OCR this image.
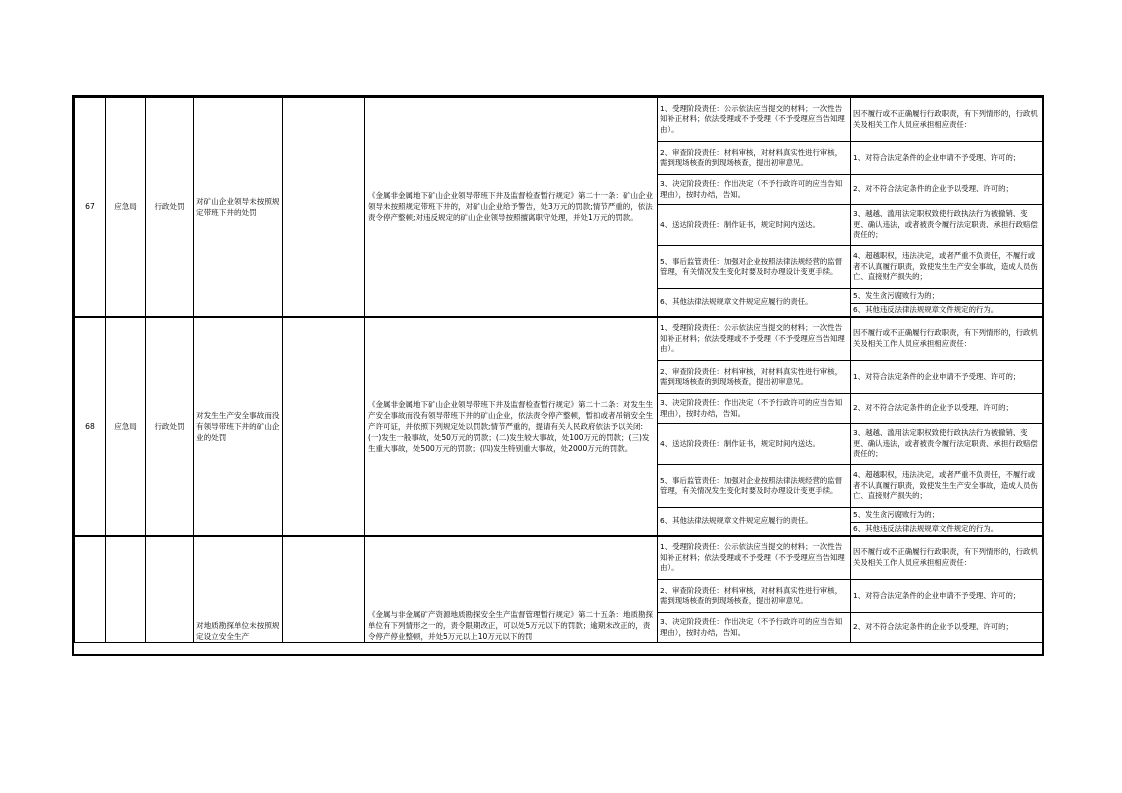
67	应急局	行政处罚	对矿山企业领导未按照规定带班下井的处罚		《金属非金属地下矿山企业领导带班下井及监督检查暂行规定》第二十一条：矿山企业领导未按照规定带班下井的，对矿山企业给予警告，处3万元的罚款;情节严重的，依法责令停产整顿;对违反规定的矿山企业领导按照擅离职守处理，并处1万元的罚款。	1、受理阶段责任：公示依法应当提交的材料；一次性告知补正材料；依法受理或不予受理（不予受理应当告知理由）。	因不履行或不正确履行行政职责，有下列情形的，行政机关及相关工作人员应承担相应责任：
						2、审查阶段责任：材料审核，对材料真实性进行审核，需到现场核查的到现场核查，提出初审意见。	1、对符合法定条件的企业申请不予受理、许可的；
						3、决定阶段责任：作出决定（不予行政许可的应当告知理由），按时办结，告知。	2、对不符合法定条件的企业予以受理、许可的；
						4、送达阶段责任：制作证书，规定时间内送达。	3、越越、滥用法定职权致使行政执法行为被撤销、变更、确认违法，或者被责令履行法定职责、承担行政赔偿责任的；
						5、事后监管责任：加强对企业按照法律法规经营的监督管理，有关情况发生变化时要及时办理设计变更手续。	4、超越职权，违法决定，或者严重不负责任，不履行或者不认真履行职责，致使发生生产安全事故，造成人员伤亡、直接财产损失的；
						6、其他法律法规规章文件规定应履行的责任。	5、发生贪污腐败行为的；
							6、其他违反法律法规规章文件规定的行为。
68	应急局	行政处罚	对发生生产安全事故而没有领导带班下井的矿山企业的处罚		《金属非金属地下矿山企业领导带班下井及监督检查暂行规定》第二十二条：对发生生产安全事故而没有领导带班下井的矿山企业，依法责令停产整顿，暂扣或者吊销安全生产许可证，并依照下列规定处以罚款;情节严重的，提请有关人民政府依法予以关闭:(一)发生一般事故，处50万元的罚款；(二)发生较大事故，处100万元的罚款；(三)发生重大事故，处500万元的罚款；(四)发生特别重大事故，处2000万元的罚款。	1、受理阶段责任：公示依法应当提交的材料；一次性告知补正材料；依法受理或不予受理（不予受理应当告知理由）。	因不履行或不正确履行行政职责，有下列情形的，行政机关及相关工作人员应承担相应责任：
						2、审查阶段责任：材料审核，对材料真实性进行审核，需到现场核查的到现场核查，提出初审意见。	1、对符合法定条件的企业申请不予受理、许可的；
						3、决定阶段责任：作出决定（不予行政许可的应当告知理由），按时办结，告知。	2、对不符合法定条件的企业予以受理、许可的；
						4、送达阶段责任：制作证书，规定时间内送达。	3、越越、滥用法定职权致使行政执法行为被撤销、变更、确认违法，或者被责令履行法定职责、承担行政赔偿责任的；
						5、事后监管责任：加强对企业按照法律法规经营的监督管理，有关情况发生变化时要及时办理设计变更手续。	4、超越职权，违法决定，或者严重不负责任，不履行或者不认真履行职责，致使发生生产安全事故，造成人员伤亡、直接财产损失的；
						6、其他法律法规规章文件规定应履行的责任。	5、发生贪污腐败行为的；
							6、其他违反法律法规规章文件规定的行为。
			对地质勘探单位未按照规定设立安全生产		《金属与非金属矿产资源地质勘探安全生产监督管理暂行规定》第二十五条：地质勘探单位有下列情形之一的，责令限期改正，可以处5万元以下的罚款；逾期未改正的，责令停产停业整顿，并处5万元以上10万元以下的罚	1、受理阶段责任：公示依法应当提交的材料；一次性告知补正材料；依法受理或不予受理（不予受理应当告知理由）。	因不履行或不正确履行行政职责，有下列情形的，行政机关及相关工作人员应承担相应责任：
						2、审查阶段责任：材料审核，对材料真实性进行审核，需到现场核查的到现场核查，提出初审意见。	1、对符合法定条件的企业申请不予受理、许可的；
						3、决定阶段责任：作出决定（不予行政许可的应当告知理由），按时办结，告知。	2、对不符合法定条件的企业予以受理、许可的；
